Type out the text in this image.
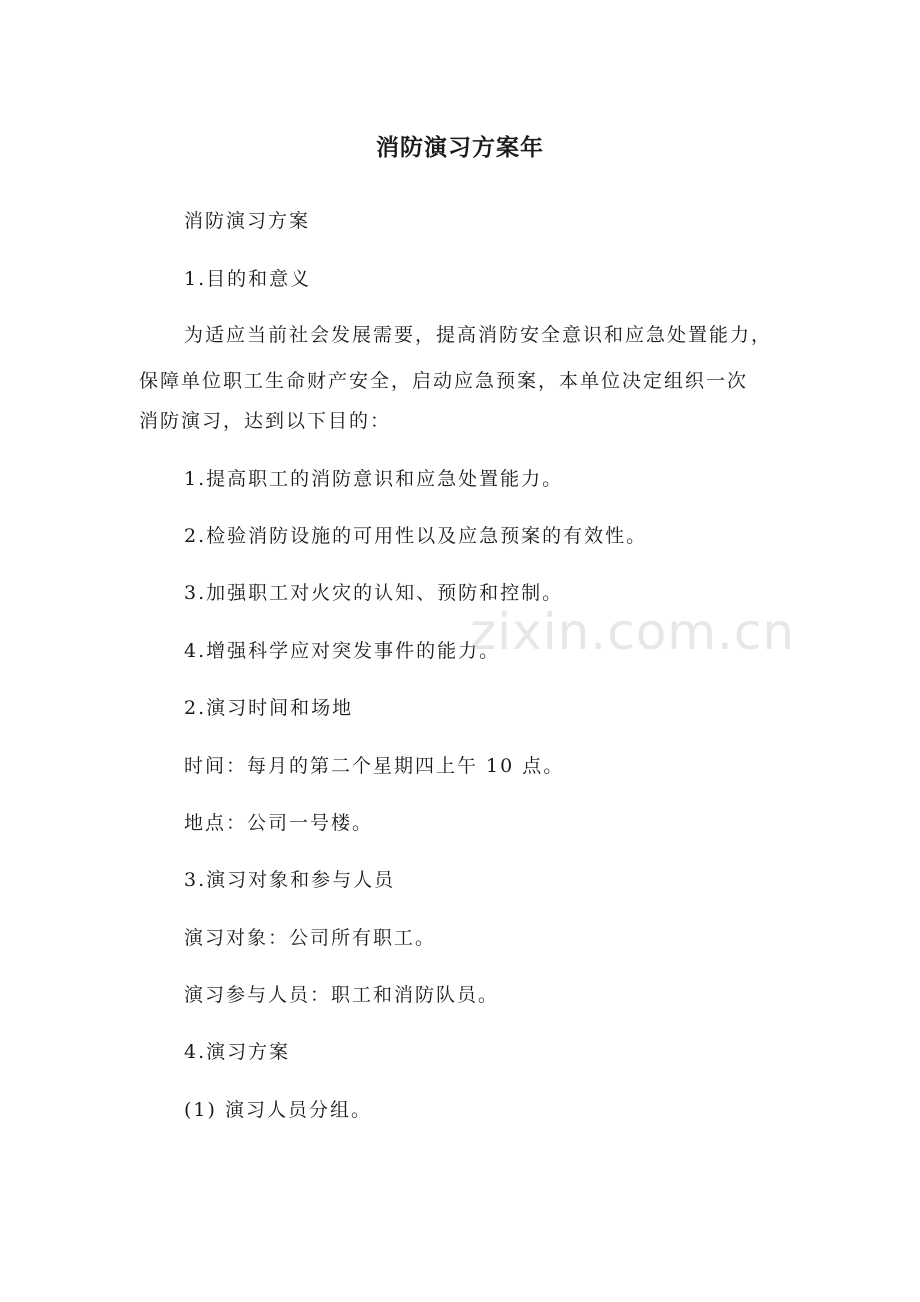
消防演习方案年
消防演习方案
1.目的和意义
为适应当前社会发展需要，提高消防安全意识和应急处置能力，
保障单位职工生命财产安全，启动应急预案，本单位决定组织一次
消防演习，达到以下目的：
1.提高职工的消防意识和应急处置能力。
2.检验消防设施的可用性以及应急预案的有效性。
3.加强职工对火灾的认知、预防和控制。
4.增强科学应对突发事件的能力。
2.演习时间和场地
时间：每月的第二个星期四上午 10 点。
地点：公司一号楼。
3.演习对象和参与人员
演习对象：公司所有职工。
演习参与人员：职工和消防队员。
4.演习方案
(1) 演习人员分组。
zixin.com.cn
